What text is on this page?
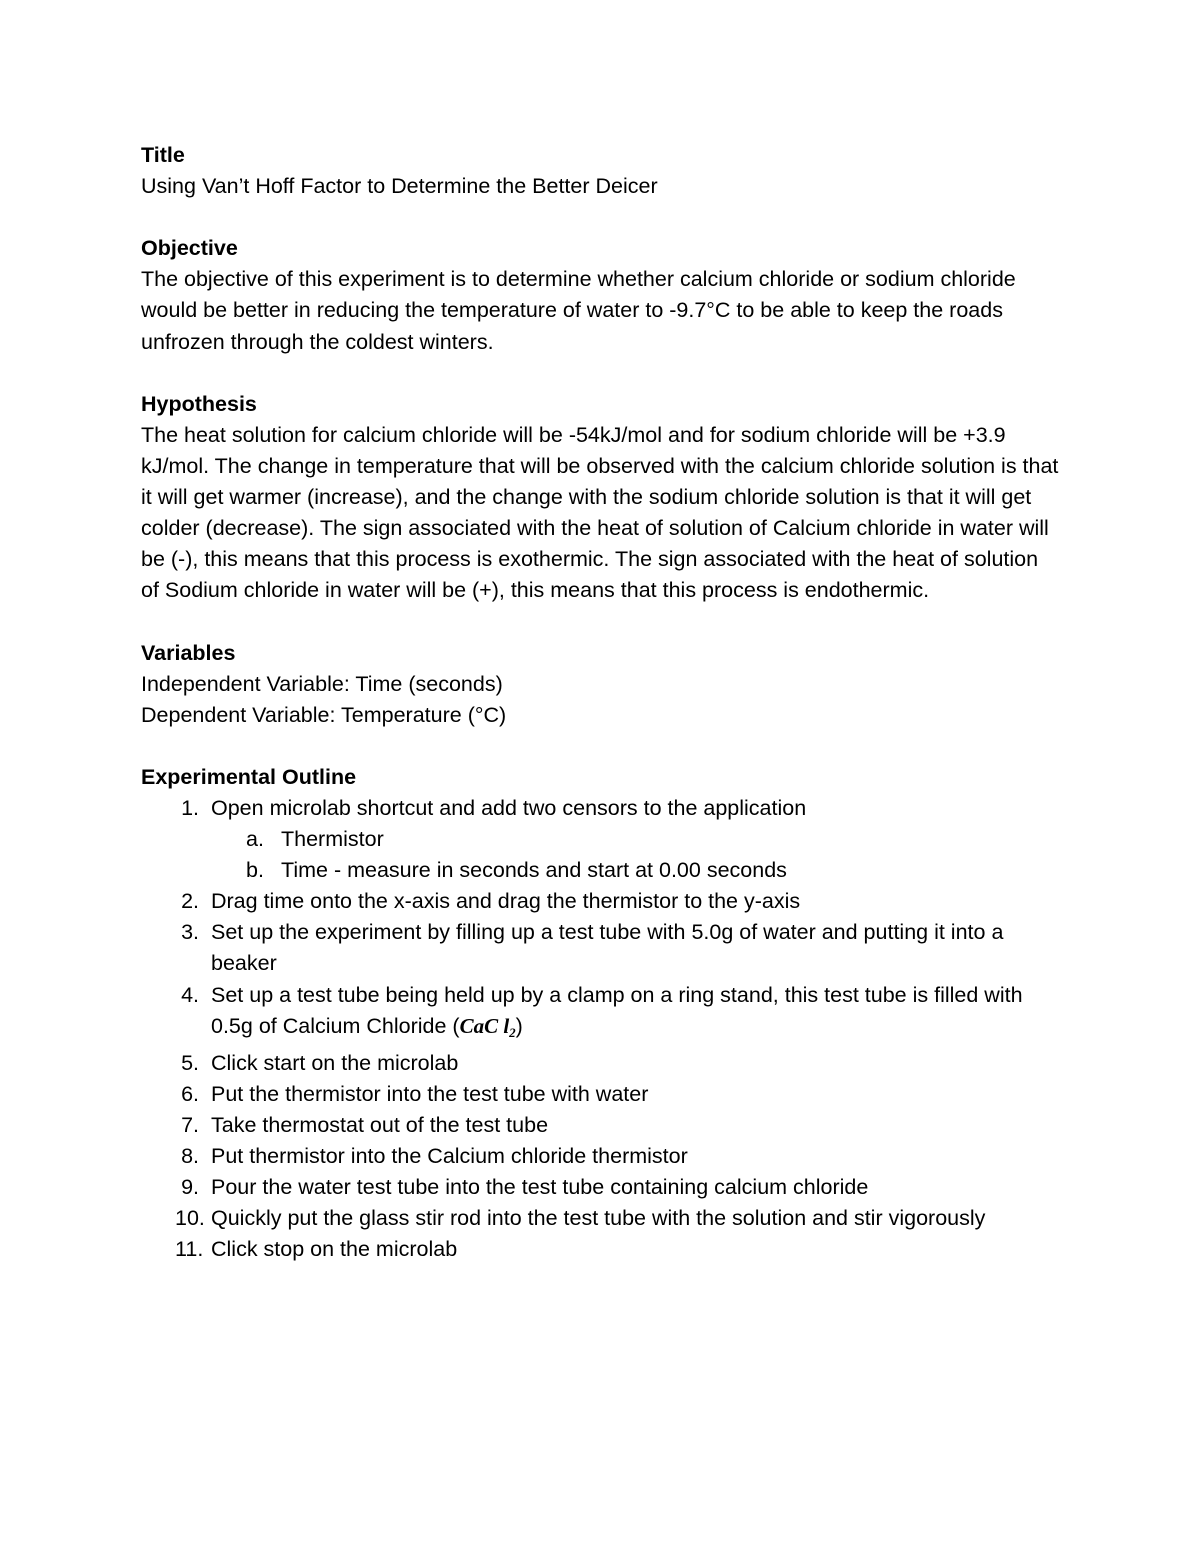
Title

Using Van’t Hoff Factor to Determine the Better Deicer

Objective

The objective of this experiment is to determine whether calcium chloride or sodium chloride would be better in reducing the temperature of water to -9.7°C to be able to keep the roads unfrozen through the coldest winters.

Hypothesis

The heat solution for calcium chloride will be -54kJ/mol and for sodium chloride will be +3.9 kJ/mol. The change in temperature that will be observed with the calcium chloride solution is that it will get warmer (increase), and the change with the sodium chloride solution is that it will get colder (decrease). The sign associated with the heat of solution of Calcium chloride in water will be (-), this means that this process is exothermic. The sign associated with the heat of solution of Sodium chloride in water will be (+), this means that this process is endothermic.

Variables

Independent Variable: Time (seconds)

Dependent Variable: Temperature (°C)

Experimental Outline

1. Open microlab shortcut and add two censors to the application
a. Thermistor
b. Time - measure in seconds and start at 0.00 seconds
2. Drag time onto the x-axis and drag the thermistor to the y-axis
3. Set up the experiment by filling up a test tube with 5.0g of water and putting it into a beaker
4. Set up a test tube being held up by a clamp on a ring stand, this test tube is filled with 0.5g of Calcium Chloride (CaC $l_2$)
5. Click start on the microlab
6. Put the thermistor into the test tube with water
7. Take thermostat out of the test tube
8. Put thermistor into the Calcium chloride thermistor
9. Pour the water test tube into the test tube containing calcium chloride
10. Quickly put the glass stir rod into the test tube with the solution and stir vigorously
11. Click stop on the microlab
